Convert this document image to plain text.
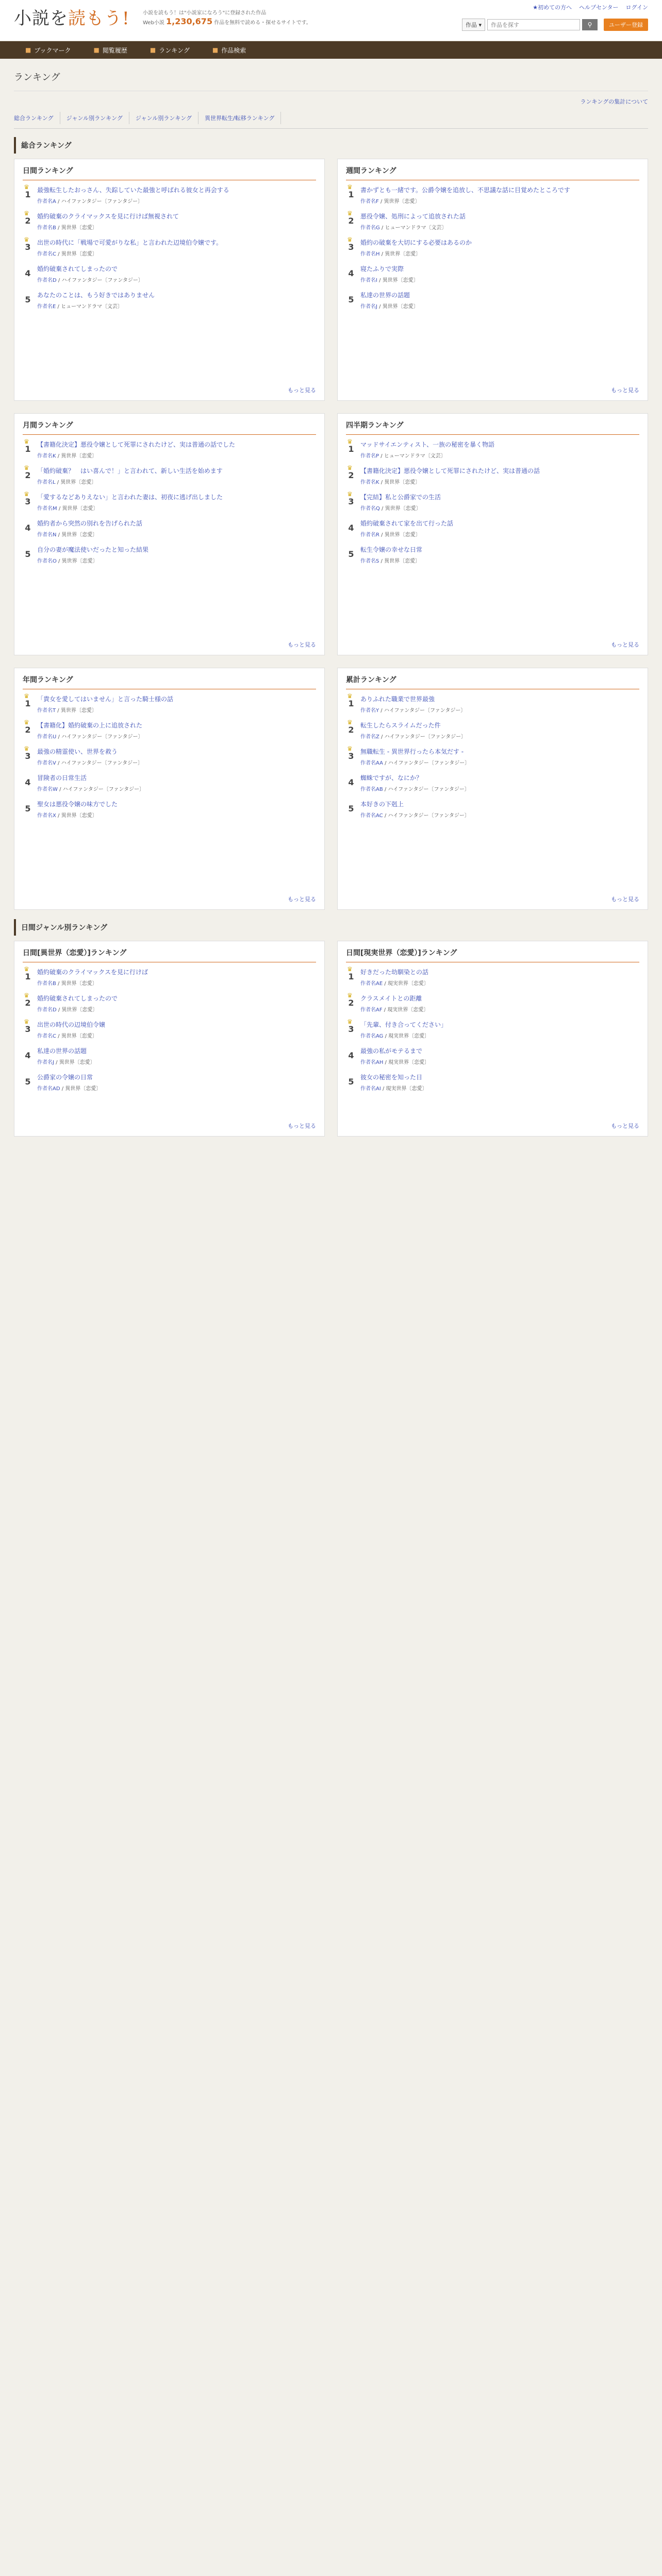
小説を読もう!	小説を読もう！は"小説家になろう"に登録された作品
Web小説 1,230,675 作品を無料で読める・探せるサイトです。
★初めての方へ ヘルプセンター ログイン
作品 ▾
作品を探す	⚲	ユーザー登録
■ ブックマーク	■ 閲覧履歴	■ ランキング	■ 作品検索
ランキング
ランキングの集計について
総合ランキング	ジャンル別ランキング	ジャンル別ランキング	異世界転生/転移ランキング
総合ランキング
日間ランキング
♛
1	最強転生したおっさん、失踪していた最強と呼ばれる彼女と再会する
作者名A / ハイファンタジー〔ファンタジー〕
♛
2	婚約破棄のクライマックスを見に行けば無視されて
作者名B / 異世界〔恋愛〕
♛
3	出世の時代に「戦場で可愛がりな私」と言われた辺境伯令嬢です。
作者名C / 異世界〔恋愛〕
4	婚約破棄されてしまったので
作者名D / ハイファンタジー〔ファンタジー〕
5	あなたのことは、もう好きではありません
作者名E / ヒューマンドラマ〔文芸〕
もっと見る
週間ランキング
♛
1	書かずとも一緒です。公爵令嬢を追放し、不思議な話に目覚めたところです
作者名F / 異世界〔恋愛〕
♛
2	悪役令嬢、処刑によって追放された話
作者名G / ヒューマンドラマ〔文芸〕
♛
3	婚約の破棄を大切にする必要はあるのか
作者名H / 異世界〔恋愛〕
4	寝たふりで実際
作者名I / 異世界〔恋愛〕
5	私達の世界の話題
作者名J / 異世界〔恋愛〕
もっと見る
月間ランキング
♛
1	【書籍化決定】悪役令嬢として死罪にされたけど、実は普通の話でした
作者名K / 異世界〔恋愛〕
♛
2	「婚約破棄？　はい喜んで！」と言われて、新しい生活を始めます
作者名L / 異世界〔恋愛〕
♛
3	「愛するなどありえない」と言われた妻は、初夜に逃げ出しました
作者名M / 異世界〔恋愛〕
4	婚約者から突然の別れを告げられた話
作者名N / 異世界〔恋愛〕
5	自分の妻が魔法使いだったと知った結果
作者名O / 異世界〔恋愛〕
もっと見る
四半期ランキング
♛
1	マッドサイエンティスト、一族の秘密を暴く物語
作者名P / ヒューマンドラマ〔文芸〕
♛
2	【書籍化決定】悪役令嬢として死罪にされたけど、実は普通の話
作者名K / 異世界〔恋愛〕
♛
3	【完結】私と公爵家での生活
作者名Q / 異世界〔恋愛〕
4	婚約破棄されて家を出て行った話
作者名R / 異世界〔恋愛〕
5	転生令嬢の幸せな日常
作者名S / 異世界〔恋愛〕
もっと見る
年間ランキング
♛
1	「貴女を愛してはいません」と言った騎士様の話
作者名T / 異世界〔恋愛〕
♛
2	【書籍化】婚約破棄の上に追放された
作者名U / ハイファンタジー〔ファンタジー〕
♛
3	最強の精霊使い、世界を救う
作者名V / ハイファンタジー〔ファンタジー〕
4	冒険者の日常生活
作者名W / ハイファンタジー〔ファンタジー〕
5	聖女は悪役令嬢の味方でした
作者名X / 異世界〔恋愛〕
もっと見る
累計ランキング
♛
1	ありふれた職業で世界最強
作者名Y / ハイファンタジー〔ファンタジー〕
♛
2	転生したらスライムだった件
作者名Z / ハイファンタジー〔ファンタジー〕
♛
3	無職転生 - 異世界行ったら本気だす -
作者名AA / ハイファンタジー〔ファンタジー〕
4	蜘蛛ですが、なにか？
作者名AB / ハイファンタジー〔ファンタジー〕
5	本好きの下剋上
作者名AC / ハイファンタジー〔ファンタジー〕
もっと見る
日間ジャンル別ランキング
日間[異世界（恋愛）]ランキング
♛
1	婚約破棄のクライマックスを見に行けば
作者名B / 異世界〔恋愛〕
♛
2	婚約破棄されてしまったので
作者名D / 異世界〔恋愛〕
♛
3	出世の時代の辺境伯令嬢
作者名C / 異世界〔恋愛〕
4	私達の世界の話題
作者名J / 異世界〔恋愛〕
5	公爵家の令嬢の日常
作者名AD / 異世界〔恋愛〕
もっと見る
日間[現実世界（恋愛）]ランキング
♛
1	好きだった幼馴染との話
作者名AE / 現実世界〔恋愛〕
♛
2	クラスメイトとの距離
作者名AF / 現実世界〔恋愛〕
♛
3	「先輩、付き合ってください」
作者名AG / 現実世界〔恋愛〕
4	最強の私がモテるまで
作者名AH / 現実世界〔恋愛〕
5	彼女の秘密を知った日
作者名AI / 現実世界〔恋愛〕
もっと見る
